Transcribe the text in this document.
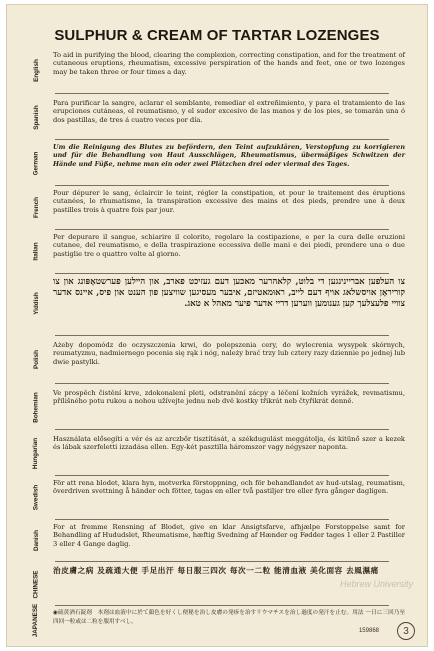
SULPHUR & CREAM OF TARTAR LOZENGES
English
To aid in purifying the blood, clearing the complexion, correcting constipation, and for the treatment of cutaneous eruptions, rheumatism, excessive perspiration of the hands and feet, one or two lozenges may be taken three or four times a day.
Spanish
Para purificar la sangre, aclarar el semblante, remediar el extreñimiento, y para el tratamiento de las erupciones cutáneas, el reumatismo, y el sudor excesivo de las manos y de los pies, se tomarán una ó dos pastillas, de tres á cuatro veces por día.
German
Um die Reinigung des Blutes zu befördern, den Teint aufzuklären, Verstopfung zu korrigieren und für die Behandlung von Haut Ausschlägen, Rheumatismus, übermäßiges Schwitzen der Hände und Füße, nehme man ein oder zwei Plätzchen drei oder viermal des Tages.
French
Pour dépurer le sang, éclaircir le teint, régler la constipation, et pour le traitement des éruptions cutanées, le rhumatisme, la transpiration excessive des mains et des pieds, prendre une à deux pastilles trois à quatre fois par jour.
Italian
Per depurare il sangue, schiarire il colorito, regolare la costipazione, e per la cura delle eruzioni cutanee, del reumatismo, e della traspirazione eccessiva delle mani e dei piedi, prendere una o due pastiglie tre o quattro volte al giorno.
Yiddish
צו העלפען אבריינינגען די בלוט, קלאהרער מאכען דעם געזיכט פארב, און הײלען פערשטאָפּונג און צו קוריראָן אויסשלאג אויף דעם לייב, ראוּמאטיזם, איבער מעסיגען שוויצען פון הענט און פיס, איינס אדער צוויי פלעצלעך קען גענומען ווערען דריי אדער פיער מאהל א טאג.
Polish
Ażeby dopomódz do oczyszczenia krwi, do polepszenia cery, do wylecrenia wysypek skórnych, reumatyzmu, nadmiernego pocenia się rąk i nóg, należy brać trzy lub cztery razy dziennie po jednej lub dwie pastylki.
Bohemian Ve prospěch čistění krve, zdokonalení pleti, odstranění zácpy a léčení kožních vyrážek, revmatismu, přílišného potu rukou a nohou užívejte jednu neb dvě kostky třikrát neb čtyřikrát denně.
Hungarian Használata elősegíti a vér és az arczbőr tisztítását, a székdugulást meggátolja, és kitünő szer a kezek és lábak szerfeletti izzadása ellen. Egy-két pasztilla háromszor vagy négyszer naponta.
Swedish
För att rena blodet, klara hyn, motverka förstoppning, och för behandlandet av hud-utslag, reumatism, överdriven svettning å händer och fötter, tagas en eller två pastiljer tre eller fyra gånger dagligen.
Danish
For at fremme Rensning af Blodet, give en klar Ansigtsfarve, afhjælpe Forstoppelse samt for Behandling af Hududslet, Rheumatisme, hæftig Svedning af Hænder og Fødder tages 1 eller 2 Pastiller 3 eller 4 Gange daglig.
CHINESE 治皮膚之病 及疏通大便 手足出汗 每日服三四次 每次一二粒 能清血液 美化面容 去風濕痛
JAPANESE ◉硫黄酒石錠剤　本剤は血液中に於て顔色を好くし便秘を治し皮膚の発疹を治すリウマチスを治し過度の発汗を止む。用法 一日に三回乃至四回一粒或は二粒を服用すべし。
Hebrew University
159868	3
